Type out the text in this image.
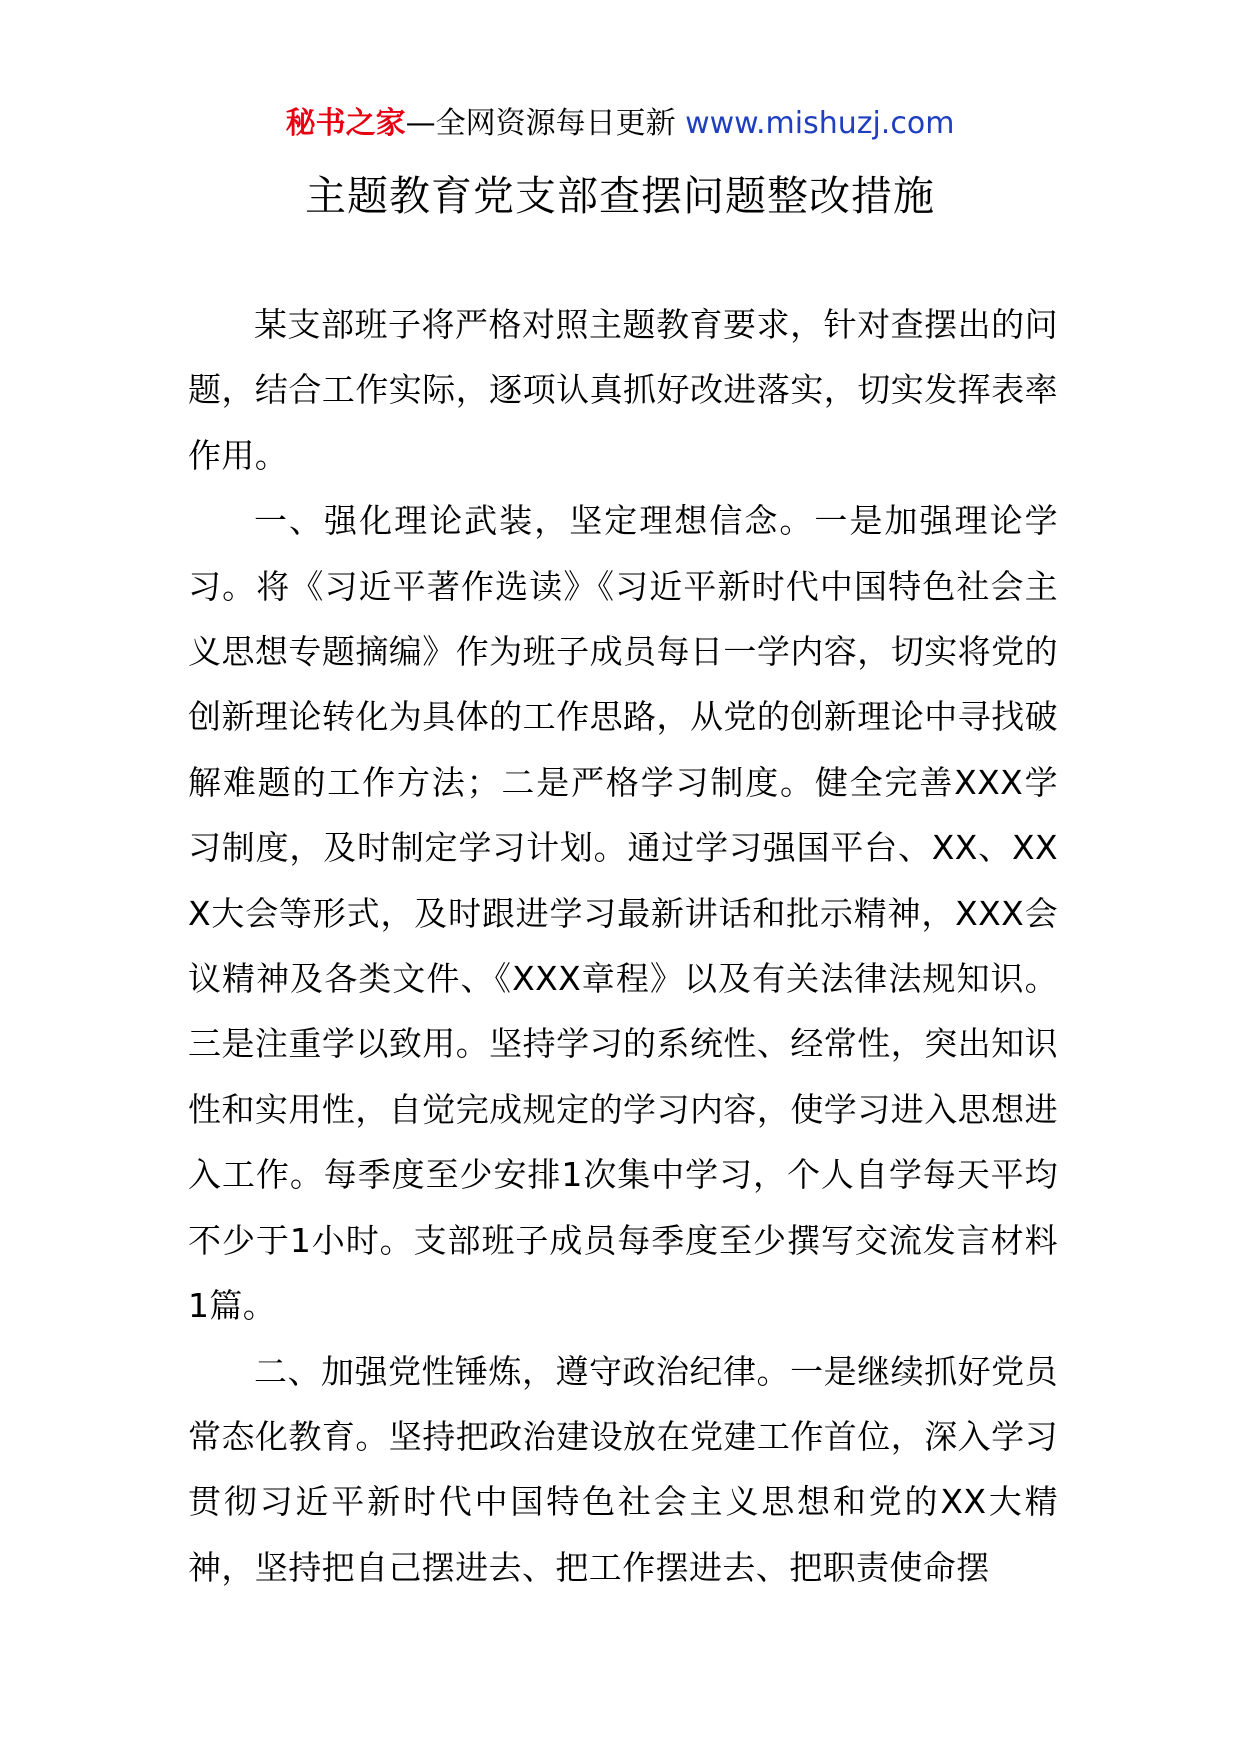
秘书之家—全网资源每日更新 www.mishuzj.com
主题教育党支部查摆问题整改措施

某支部班子将严格对照主题教育要求，针对查摆出的问题，结合工作实际，逐项认真抓好改进落实，切实发挥表率作用。

一、强化理论武装，坚定理想信念。一是加强理论学习。将《习近平著作选读》《习近平新时代中国特色社会主义思想专题摘编》作为班子成员每日一学内容，切实将党的创新理论转化为具体的工作思路，从党的创新理论中寻找破解难题的工作方法；二是严格学习制度。健全完善XXX学习制度，及时制定学习计划。通过学习强国平台、XX、XXX大会等形式，及时跟进学习最新讲话和批示精神，XXX会议精神及各类文件、《XXX章程》以及有关法律法规知识。三是注重学以致用。坚持学习的系统性、经常性，突出知识性和实用性，自觉完成规定的学习内容，使学习进入思想进入工作。每季度至少安排1次集中学习，个人自学每天平均不少于1小时。支部班子成员每季度至少撰写交流发言材料1篇。

二、加强党性锤炼，遵守政治纪律。一是继续抓好党员常态化教育。坚持把政治建设放在党建工作首位，深入学习贯彻习近平新时代中国特色社会主义思想和党的XX大精神，坚持把自己摆进去、把工作摆进去、把职责使命摆
